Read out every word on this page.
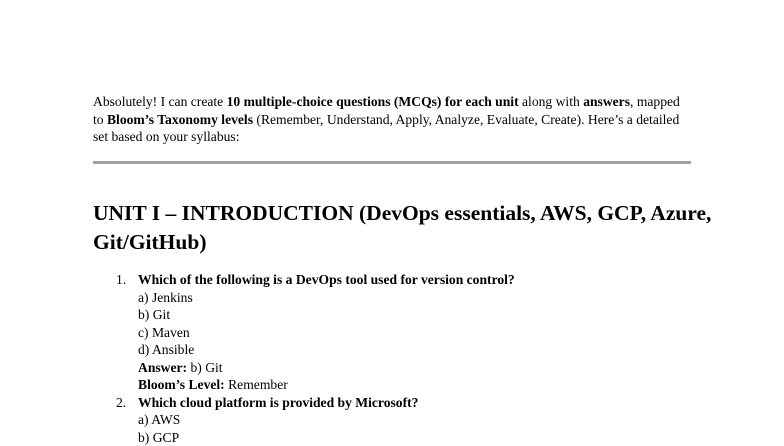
Absolutely! I can create 10 multiple-choice questions (MCQs) for each unit along with answers, mapped to Bloom’s Taxonomy levels (Remember, Understand, Apply, Analyze, Evaluate, Create). Here’s a detailed set based on your syllabus:
UNIT I – INTRODUCTION (DevOps essentials, AWS, GCP, Azure, Git/GitHub)
1. Which of the following is a DevOps tool used for version control?
a) Jenkins
b) Git
c) Maven
d) Ansible
Answer: b) Git
Bloom’s Level: Remember
2. Which cloud platform is provided by Microsoft?
a) AWS
b) GCP
